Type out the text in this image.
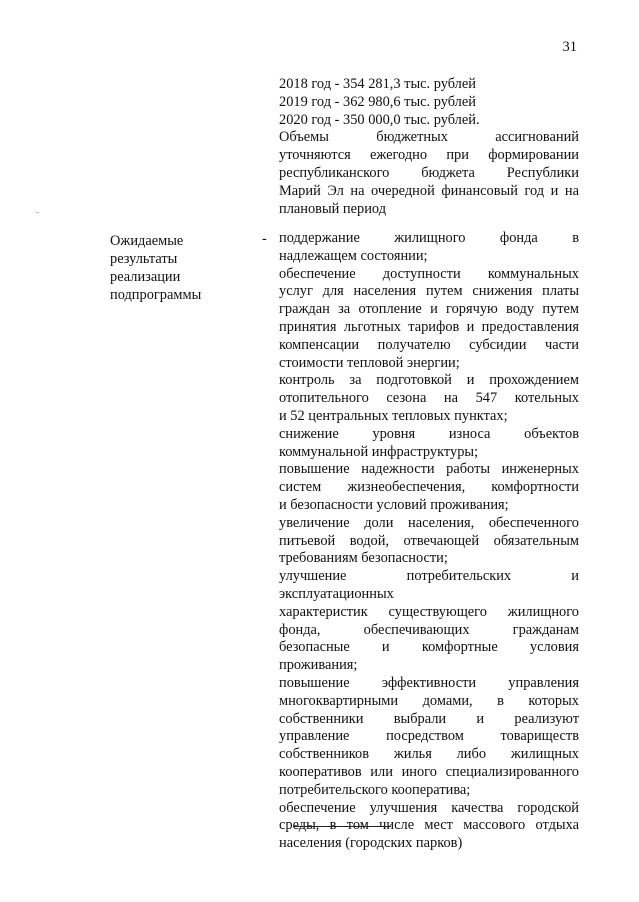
31
2018 год - 354 281,3 тыс. рублей
2019 год - 362 980,6 тыс. рублей
2020 год - 350 000,0 тыс. рублей.
Объемы бюджетных ассигнований
уточняются ежегодно при формировании
республиканского бюджета Республики
Марий Эл на очередной финансовый год и на
плановый период
Ожидаемые
результаты
реализации
подпрограммы
- поддержание жилищного фонда в
надлежащем состоянии;
обеспечение доступности коммунальных
услуг для населения путем снижения платы
граждан за отопление и горячую воду путем
принятия льготных тарифов и предоставления
компенсации получателю субсидии части
стоимости тепловой энергии;
контроль за подготовкой и прохождением
отопительного сезона на 547 котельных
и 52 центральных тепловых пунктах;
снижение уровня износа объектов
коммунальной инфраструктуры;
повышение надежности работы инженерных
систем жизнеобеспечения, комфортности
и безопасности условий проживания;
увеличение доли населения, обеспеченного
питьевой водой, отвечающей обязательным
требованиям безопасности;
улучшение потребительских и эксплуатационных
характеристик существующего жилищного
фонда, обеспечивающих гражданам
безопасные и комфортные условия
проживания;
повышение эффективности управления
многоквартирными домами, в которых
собственники выбрали и реализуют
управление посредством товариществ
собственников жилья либо жилищных
кооперативов или иного специализированного
потребительского кооператива;
обеспечение улучшения качества городской
среды, в том числе мест массового отдыха
населения (городских парков)
